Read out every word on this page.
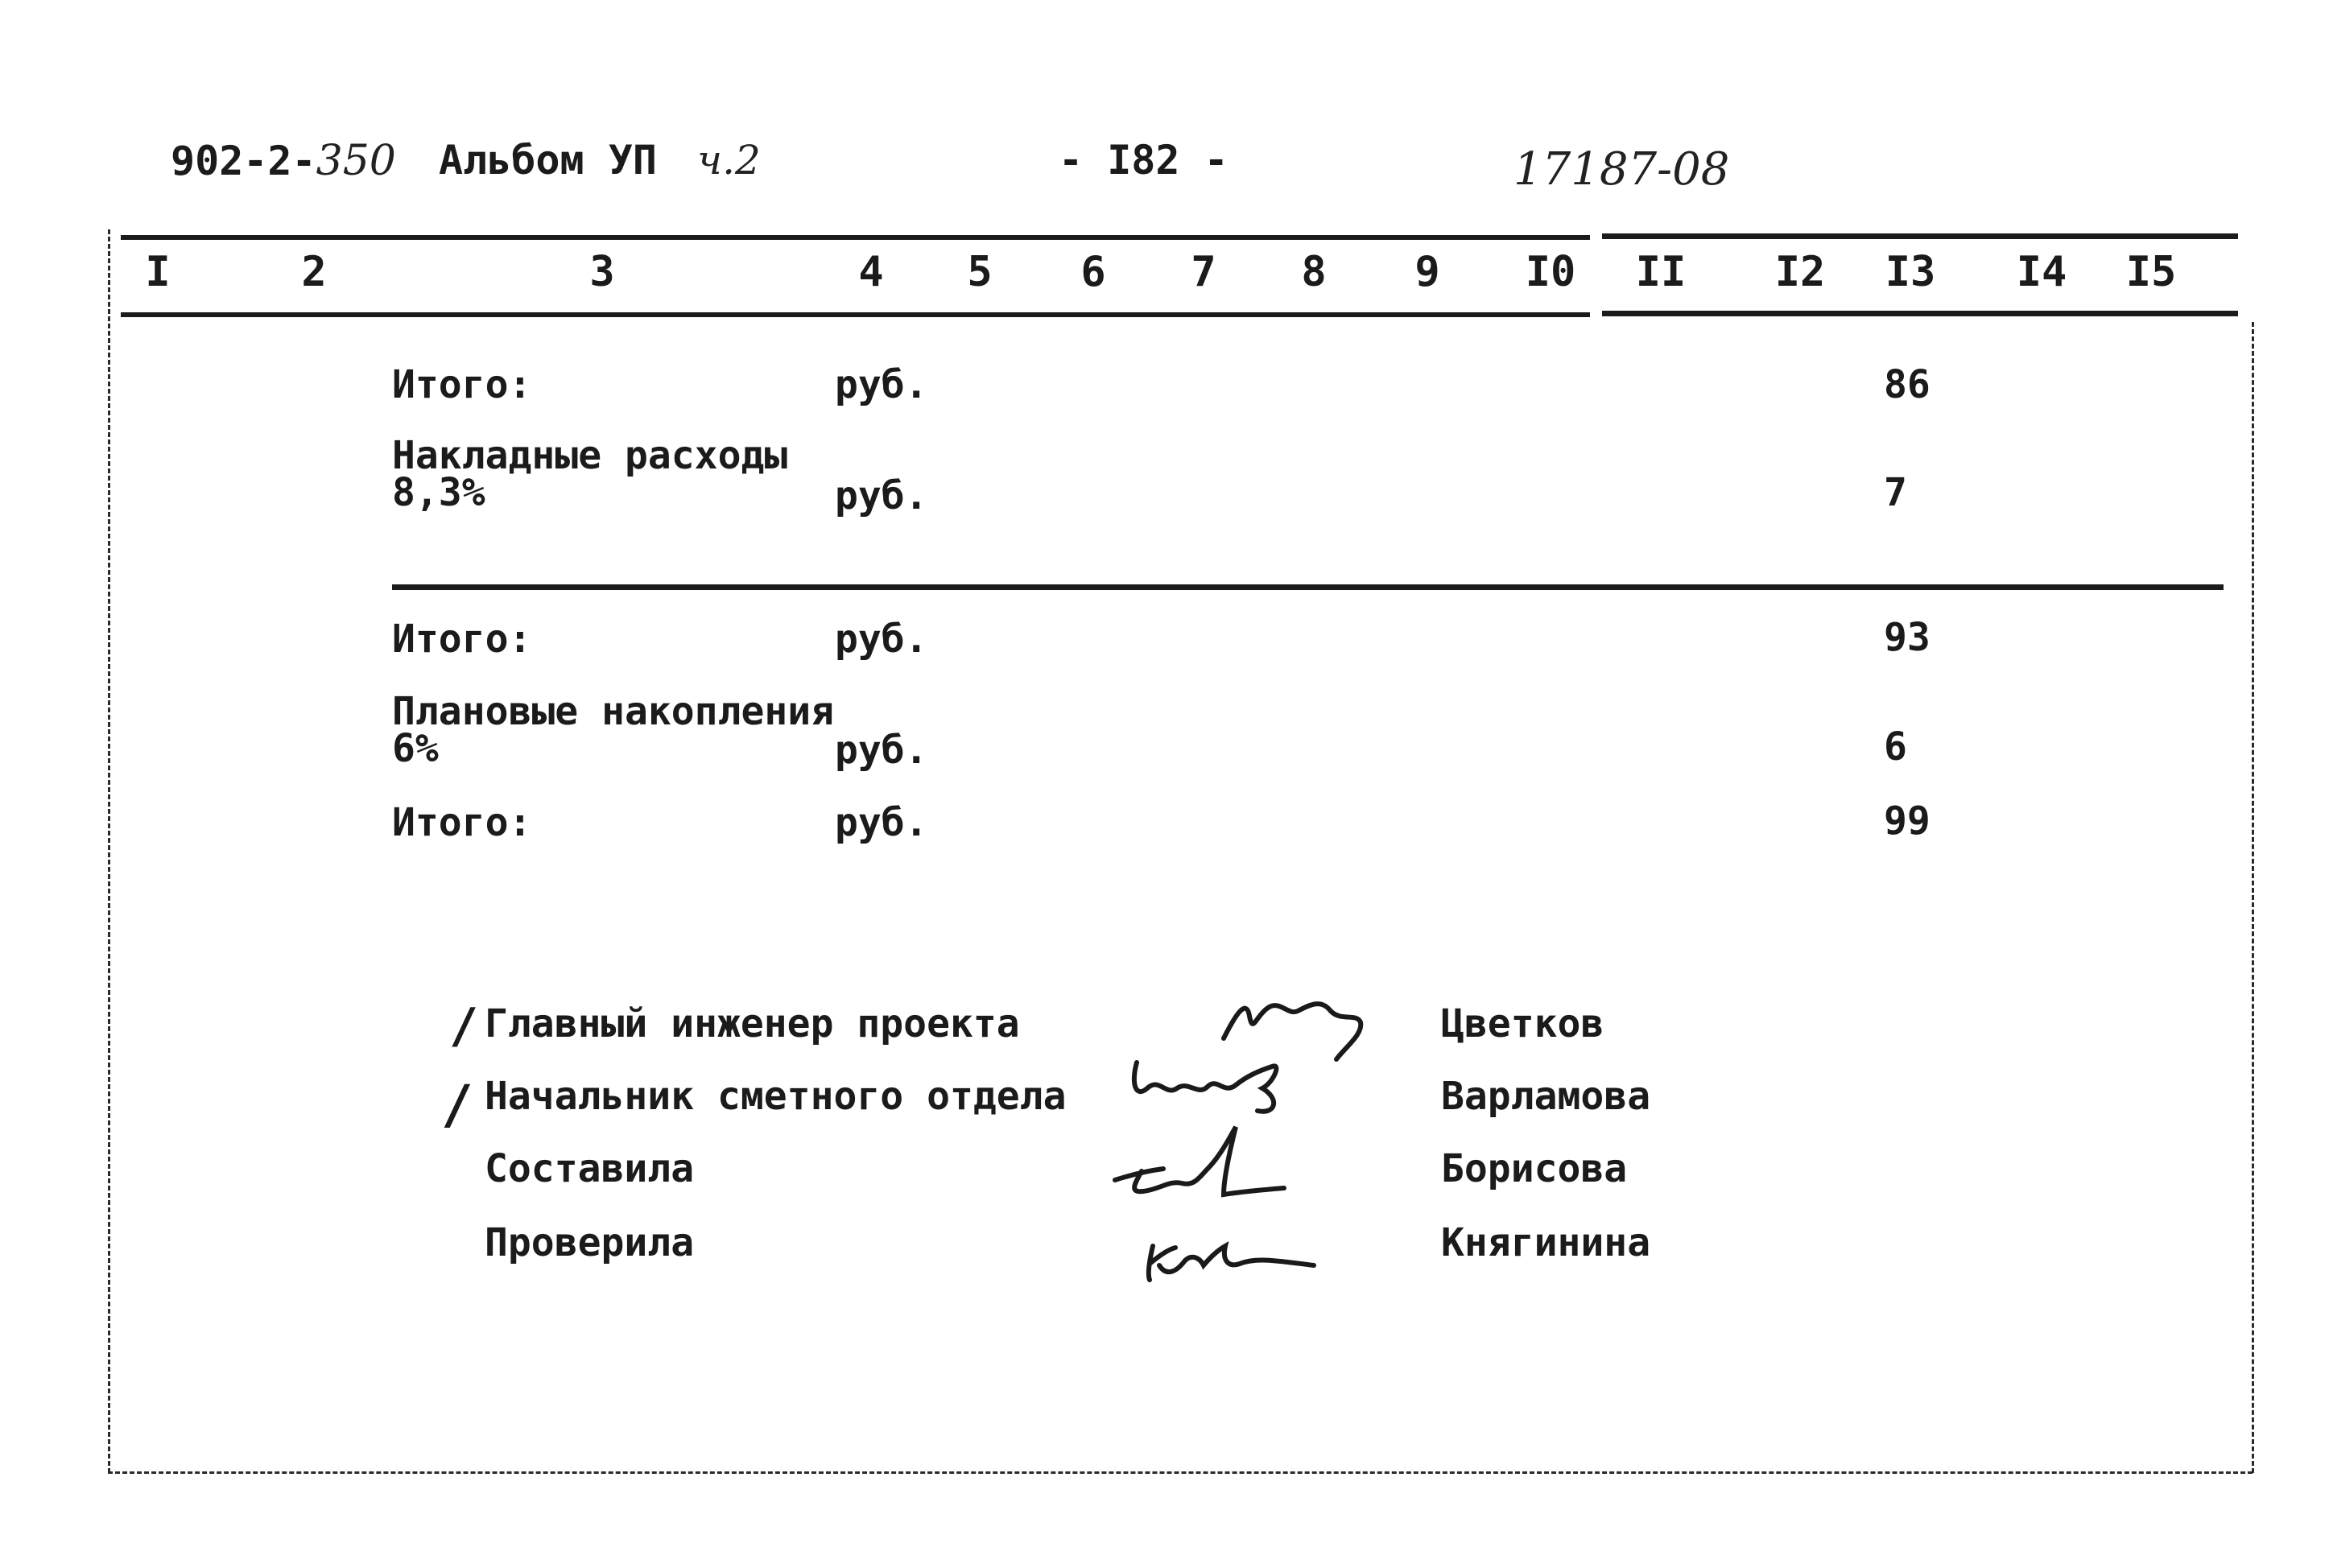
902-2-350 Альбом УП ч.2	- I82 -	17187-08
I	2	3	4 5 6 7 8 9 I0 II I2 I3 I4 I5
Итого:	руб.	86
Накладные расходы
8,3%	руб.	7
Итого:	руб.	93
Плановые накопления
6%	руб.	6
Итого:	руб.	99
/ Главный инженер проекта	Цветков
/ Начальник сметного отдела	Варламова
Составила	Борисова
Проверила	Княгинина
